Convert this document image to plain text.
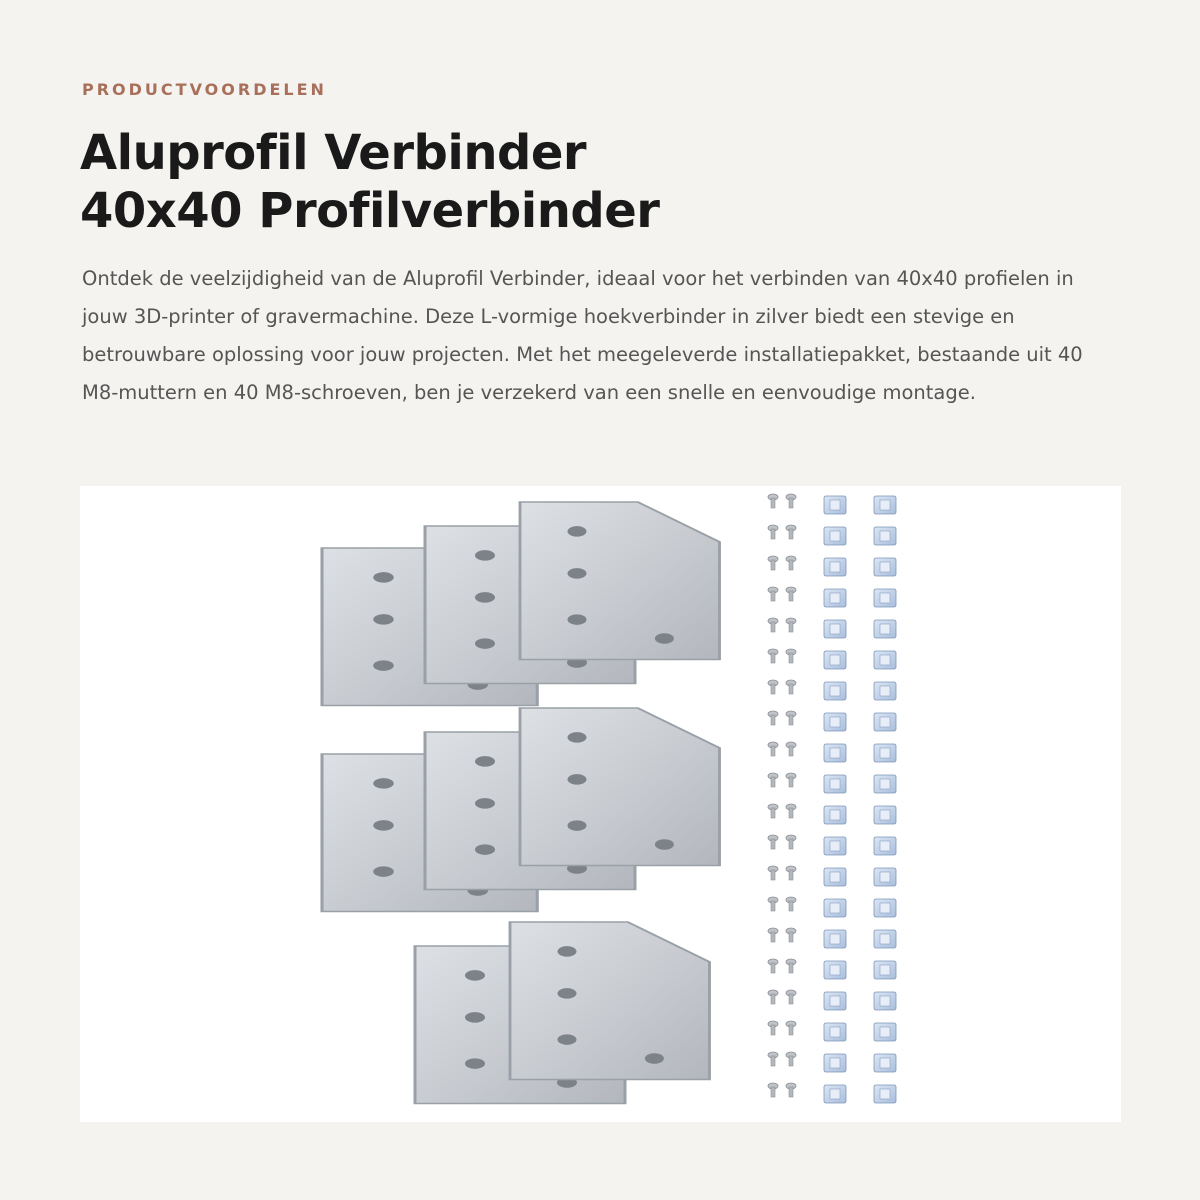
PRODUCTVOORDELEN
Aluprofil Verbinder
40x40 Profilverbinder

Ontdek de veelzijdigheid van de Aluprofil Verbinder, ideaal voor het verbinden van 40x40 profielen in jouw 3D-printer of gravermachine. Deze L-vormige hoekverbinder in zilver biedt een stevige en betrouwbare oplossing voor jouw projecten. Met het meegeleverde installatiepakket, bestaande uit 40 M8-muttern en 40 M8-schroeven, ben je verzekerd van een snelle en eenvoudige montage.
